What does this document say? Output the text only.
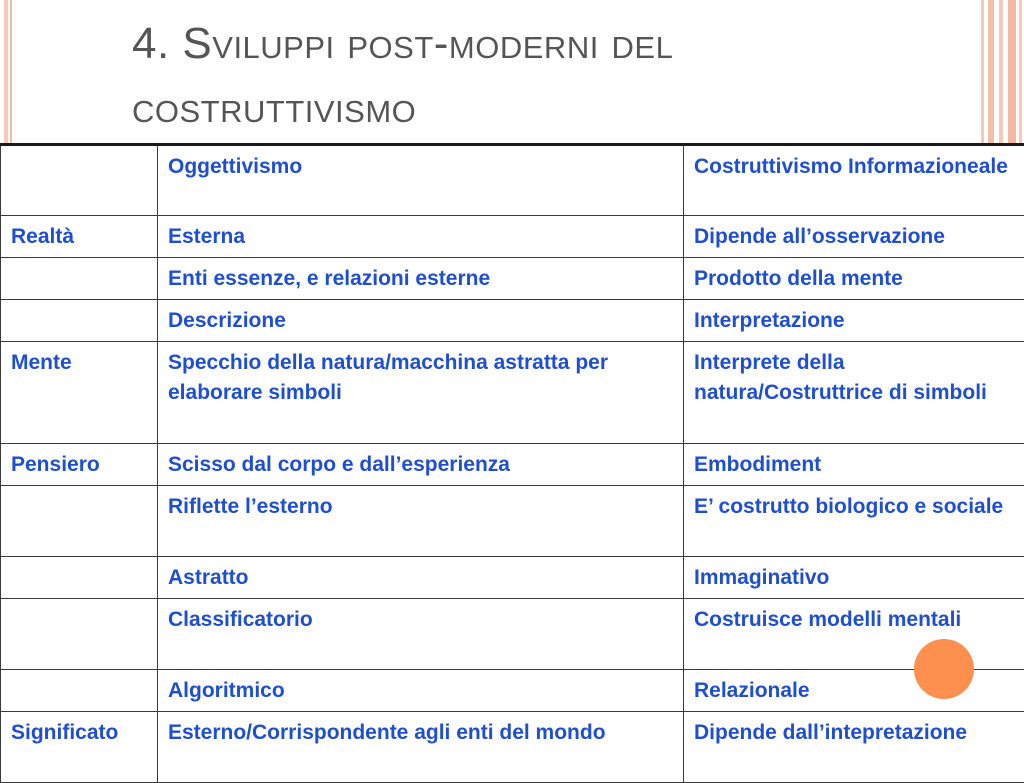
4. Sviluppi post-moderni del
costruttivismo
	Oggettivismo	Costruttivismo Informazioneale
Realtà	Esterna	Dipende all’osservazione
	Enti essenze, e relazioni esterne	Prodotto della mente
	Descrizione	Interpretazione
Mente	Specchio della natura/macchina astratta per elaborare simboli	Interprete della natura/Costruttrice di simboli
Pensiero	Scisso dal corpo e dall’esperienza	Embodiment
	Riflette l’esterno	E’ costrutto biologico e sociale
	Astratto	Immaginativo
	Classificatorio	Costruisce modelli mentali
	Algoritmico	Relazionale
Significato	Esterno/Corrispondente agli enti del mondo	Dipende dall’intepretazione
